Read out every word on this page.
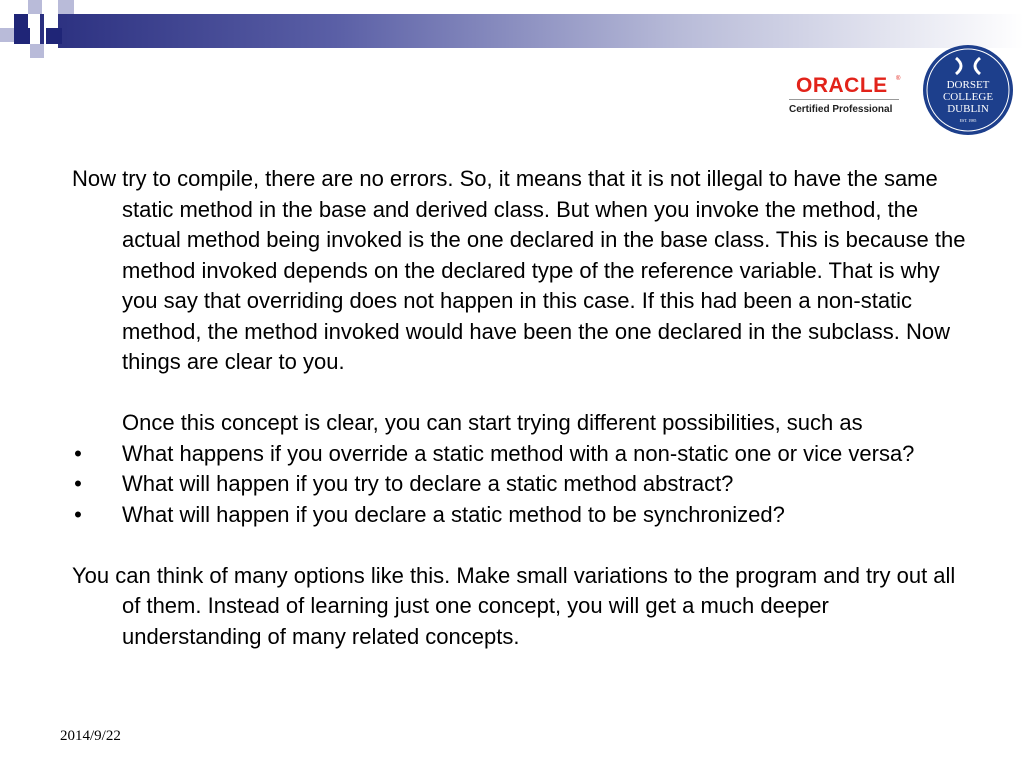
ORACLE ®
Certified Professional
DORSET
COLLEGE
DUBLIN
EST. 1985

Now try to compile, there are no errors. So, it means that it is not illegal to have the same static method in the base and derived class. But when you invoke the method, the actual method being invoked is the one declared in the base class. This is because the method invoked depends on the declared type of the reference variable. That is why you say that overriding does not happen in this case. If this had been a non-static method, the method invoked would have been the one declared in the subclass. Now things are clear to you.

Once this concept is clear, you can start trying different possibilities, such as

• What happens if you override a static method with a non-static one or vice versa?
• What will happen if you try to declare a static method abstract?
• What will happen if you declare a static method to be synchronized?

You can think of many options like this. Make small variations to the program and try out all of them. Instead of learning just one concept, you will get a much deeper understanding of many related concepts.

2014/9/22
